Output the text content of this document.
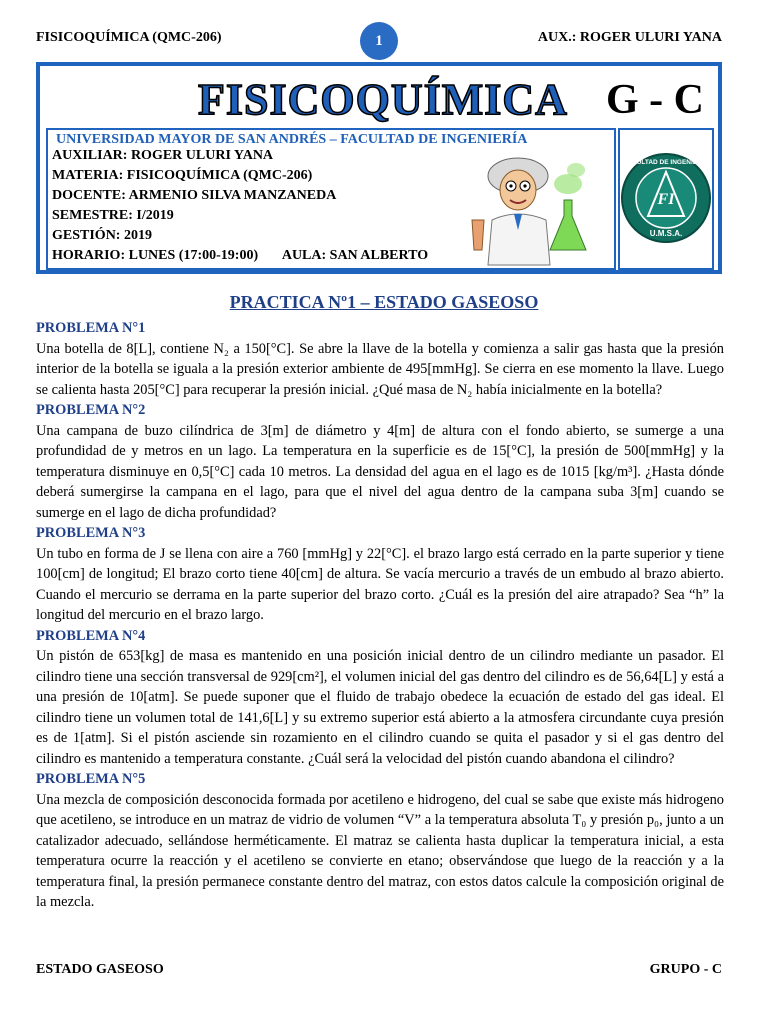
FISICOQUÍMICA (QMC-206)	AUX.: ROGER ULURI YANA
1
FISICOQUÍMICA G - C
UNIVERSIDAD MAYOR DE SAN ANDRÉS – FACULTAD DE INGENIERÍA
AUXILIAR: ROGER ULURI YANA
MATERIA: FISICOQUÍMICA (QMC-206)
DOCENTE: ARMENIO SILVA MANZANEDA
SEMESTRE: I/2019
GESTIÓN: 2019
HORARIO: LUNES (17:00-19:00)       AULA: SAN ALBERTO
FI
FACULTAD DE INGENIERIA
U.M.S.A.
PRACTICA Nº1 – ESTADO GASEOSO
PROBLEMA N°1
Una botella de 8[L], contiene N₂ a 150[°C]. Se abre la llave de la botella y comienza a salir gas hasta que la presión interior de la botella se iguala a la presión exterior ambiente de 495[mmHg]. Se cierra en ese momento la llave. Luego se calienta hasta 205[°C] para recuperar la presión inicial. ¿Qué masa de N₂ había inicialmente en la botella?
PROBLEMA N°2
Una campana de buzo cilíndrica de 3[m] de diámetro y 4[m] de altura con el fondo abierto, se sumerge a una profundidad de y metros en un lago. La temperatura en la superficie es de 15[°C], la presión de 500[mmHg] y la temperatura disminuye en 0,5[°C] cada 10 metros. La densidad del agua en el lago es de 1015 [kg/m³]. ¿Hasta dónde deberá sumergirse la campana en el lago, para que el nivel del agua dentro de la campana suba 3[m] cuando se sumerge en el lago de dicha profundidad?
PROBLEMA N°3
Un tubo en forma de J se llena con aire a 760 [mmHg] y 22[°C]. el brazo largo está cerrado en la parte superior y tiene 100[cm] de longitud; El brazo corto tiene 40[cm] de altura. Se vacía mercurio a través de un embudo al brazo abierto. Cuando el mercurio se derrama en la parte superior del brazo corto. ¿Cuál es la presión del aire atrapado? Sea “h” la longitud del mercurio en el brazo largo.
PROBLEMA N°4
Un pistón de 653[kg] de masa es mantenido en una posición inicial dentro de un cilindro mediante un pasador. El cilindro tiene una sección transversal de 929[cm²], el volumen inicial del gas dentro del cilindro es de 56,64[L] y está a una presión de 10[atm]. Se puede suponer que el fluido de trabajo obedece la ecuación de estado del gas ideal. El cilindro tiene un volumen total de 141,6[L] y su extremo superior está abierto a la atmosfera circundante cuya presión es de 1[atm]. Si el pistón asciende sin rozamiento en el cilindro cuando se quita el pasador y si el gas dentro del cilindro es mantenido a temperatura constante. ¿Cuál será la velocidad del pistón cuando abandona el cilindro?
PROBLEMA N°5
Una mezcla de composición desconocida formada por acetileno e hidrogeno, del cual se sabe que existe más hidrogeno que acetileno, se introduce en un matraz de vidrio de volumen “V” a la temperatura absoluta T₀ y presión p₀, junto a un catalizador adecuado, sellándose herméticamente. El matraz se calienta hasta duplicar la temperatura inicial, a esta temperatura ocurre la reacción y el acetileno se convierte en etano; observándose que luego de la reacción y a la temperatura final, la presión permanece constante dentro del matraz, con estos datos calcule la composición original de la mezcla.
ESTADO GASEOSO	GRUPO - C
